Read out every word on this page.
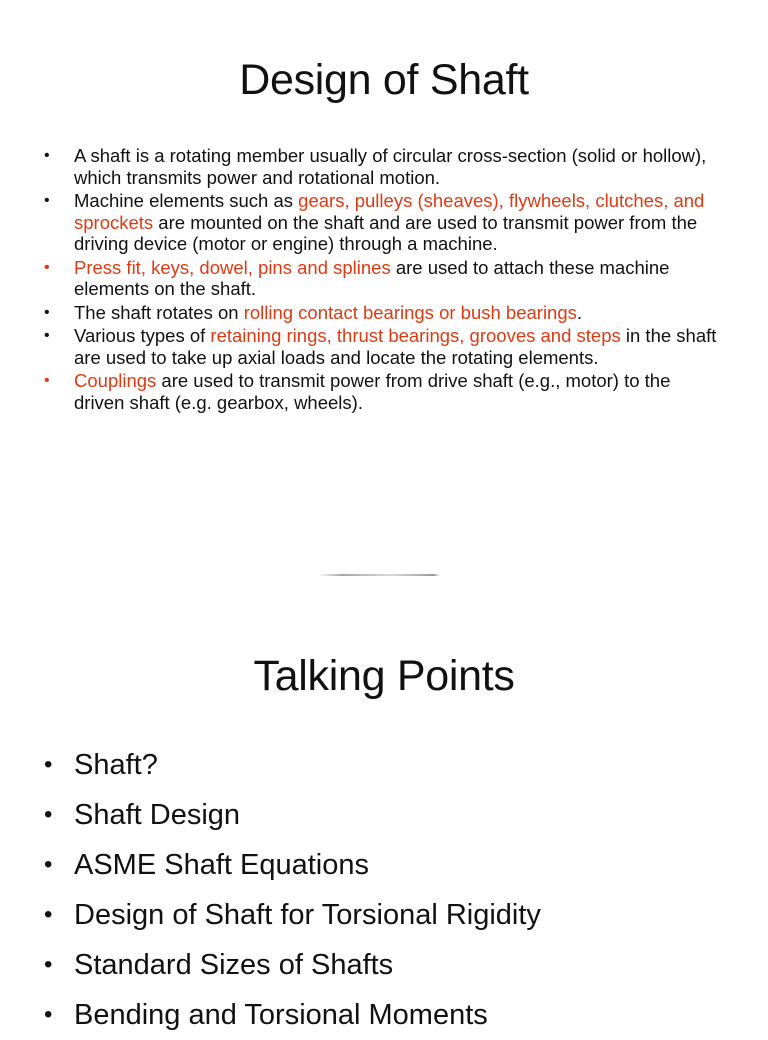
Design of Shaft
• A shaft is a rotating member usually of circular cross-section (solid or hollow), which transmits power and rotational motion.
• Machine elements such as gears, pulleys (sheaves), flywheels, clutches, and sprockets are mounted on the shaft and are used to transmit power from the driving device (motor or engine) through a machine.
• Press fit, keys, dowel, pins and splines are used to attach these machine elements on the shaft.
• The shaft rotates on rolling contact bearings or bush bearings.
• Various types of retaining rings, thrust bearings, grooves and steps in the shaft are used to take up axial loads and locate the rotating elements.
• Couplings are used to transmit power from drive shaft (e.g., motor) to the driven shaft (e.g. gearbox, wheels).
Talking Points
• Shaft?
• Shaft Design
• ASME Shaft Equations
• Design of Shaft for Torsional Rigidity
• Standard Sizes of Shafts
• Bending and Torsional Moments
